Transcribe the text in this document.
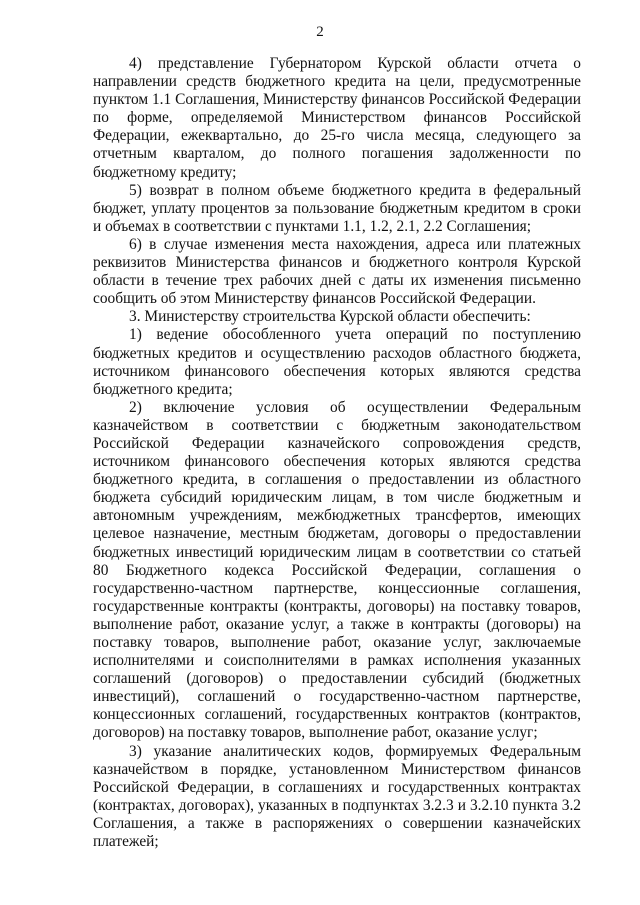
2

4) представление Губернатором Курской области отчета о направлении средств бюджетного кредита на цели, предусмотренные пунктом 1.1 Соглашения, Министерству финансов Российской Федерации по форме, определяемой Министерством финансов Российской Федерации, ежеквартально, до 25-го числа месяца, следующего за отчетным кварталом, до полного погашения задолженности по бюджетному кредиту;

5) возврат в полном объеме бюджетного кредита в федеральный бюджет, уплату процентов за пользование бюджетным кредитом в сроки и объемах в соответствии с пунктами 1.1, 1.2, 2.1, 2.2 Соглашения;

6) в случае изменения места нахождения, адреса или платежных реквизитов Министерства финансов и бюджетного контроля Курской области в течение трех рабочих дней с даты их изменения письменно сообщить об этом Министерству финансов Российской Федерации.

3. Министерству строительства Курской области обеспечить:

1) ведение обособленного учета операций по поступлению бюджетных кредитов и осуществлению расходов областного бюджета, источником финансового обеспечения которых являются средства бюджетного кредита;

2) включение условия об осуществлении Федеральным казначейством в соответствии с бюджетным законодательством Российской Федерации казначейского сопровождения средств, источником финансового обеспечения которых являются средства бюджетного кредита, в соглашения о предоставлении из областного бюджета субсидий юридическим лицам, в том числе бюджетным и автономным учреждениям, межбюджетных трансфертов, имеющих целевое назначение, местным бюджетам, договоры о предоставлении бюджетных инвестиций юридическим лицам в соответствии со статьей 80 Бюджетного кодекса Российской Федерации, соглашения о государственно-частном партнерстве, концессионные соглашения, государственные контракты (контракты, договоры) на поставку товаров, выполнение работ, оказание услуг, а также в контракты (договоры) на поставку товаров, выполнение работ, оказание услуг, заключаемые исполнителями и соисполнителями в рамках исполнения указанных соглашений (договоров) о предоставлении субсидий (бюджетных инвестиций), соглашений о государственно-частном партнерстве, концессионных соглашений, государственных контрактов (контрактов, договоров) на поставку товаров, выполнение работ, оказание услуг;

3) указание аналитических кодов, формируемых Федеральным казначейством в порядке, установленном Министерством финансов Российской Федерации, в соглашениях и государственных контрактах (контрактах, договорах), указанных в подпунктах 3.2.3 и 3.2.10 пункта 3.2 Соглашения, а также в распоряжениях о совершении казначейских платежей;
